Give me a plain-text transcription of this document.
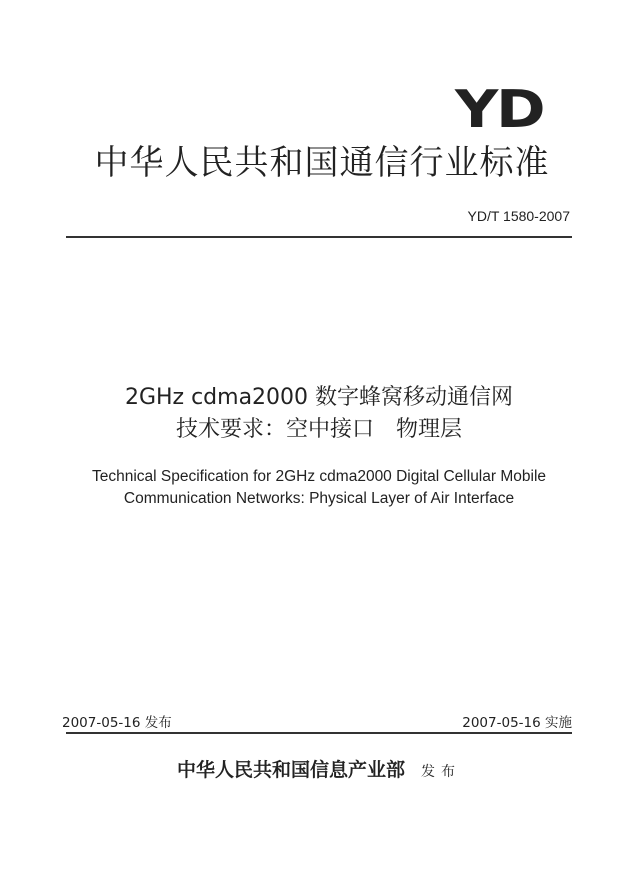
YD
中华人民共和国通信行业标准
YD/T 1580-2007
2GHz cdma2000 数字蜂窝移动通信网
技术要求：空中接口　物理层
Technical Specification for 2GHz cdma2000 Digital Cellular Mobile
Communication Networks: Physical Layer of Air Interface
2007-05-16 发布	2007-05-16 实施
中华人民共和国信息产业部 发布
